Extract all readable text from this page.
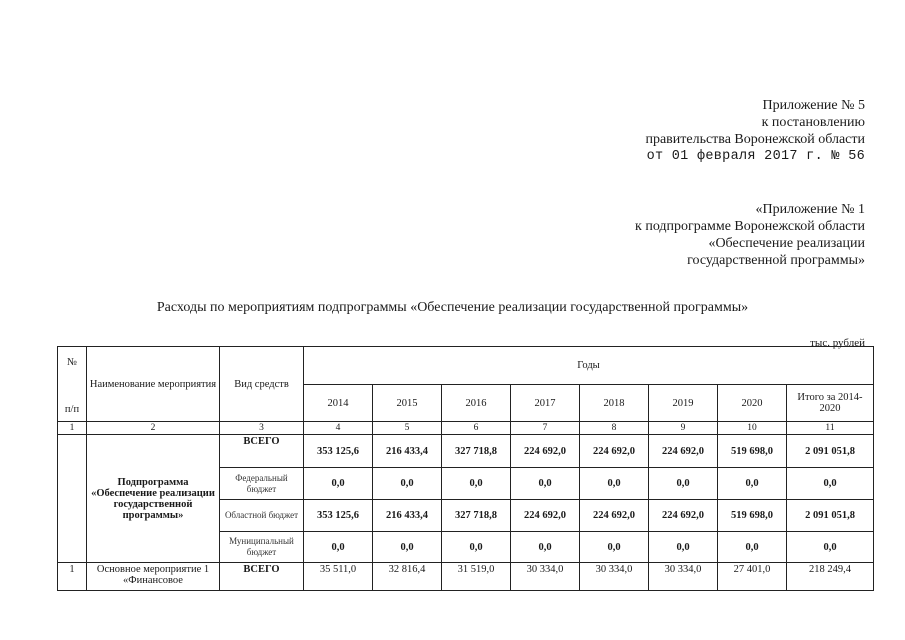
Приложение № 5
к постановлению
правительства Воронежской области
от 01 февраля 2017 г. № 56
«Приложение № 1
к подпрограмме Воронежской области
«Обеспечение реализации
государственной программы»
Расходы по мероприятиям подпрограммы «Обеспечение реализации государственной программы»
тыс. рублей
№	Наименование мероприятия	Вид средств	Годы							
п/п			2014	2015	2016	2017	2018	2019	2020	Итого за 2014-2020
1	2	3	4	5	6	7	8	9	10	11
	Подпрограмма «Обеспечение реализации государственной программы»	ВСЕГО	353 125,6	216 433,4	327 718,8	224 692,0	224 692,0	224 692,0	519 698,0	2 091 051,8
		Федеральный бюджет	0,0	0,0	0,0	0,0	0,0	0,0	0,0	0,0
		Областной бюджет	353 125,6	216 433,4	327 718,8	224 692,0	224 692,0	224 692,0	519 698,0	2 091 051,8
		Муниципальный бюджет	0,0	0,0	0,0	0,0	0,0	0,0	0,0	0,0
1	Основное мероприятие 1 «Финансовое	ВСЕГО	35 511,0	32 816,4	31 519,0	30 334,0	30 334,0	30 334,0	27 401,0	218 249,4
